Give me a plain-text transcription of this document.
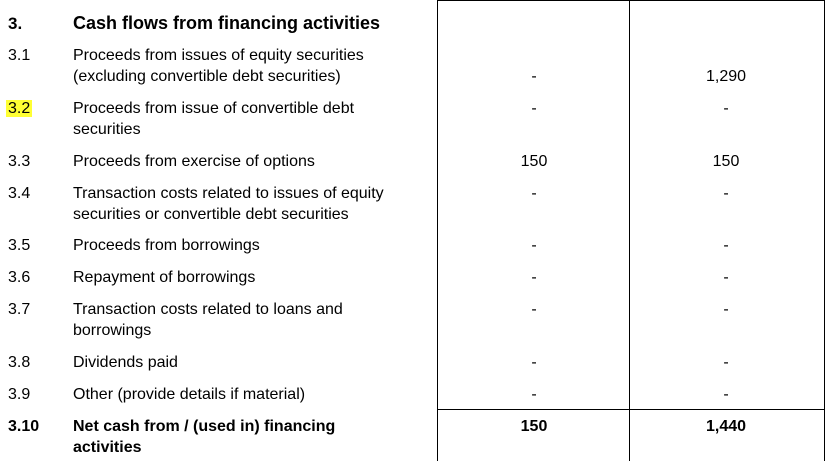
3.	Cash flows from financing activities
3.1	Proceeds from issues of equity securities
(excluding convertible debt securities)	-	1,290
3.2	Proceeds from issue of convertible debt
securities
-	-
3.3	Proceeds from exercise of options	150	150
3.4	Transaction costs related to issues of equity
securities or convertible debt securities
-	-
3.5	Proceeds from borrowings	-	-
3.6	Repayment of borrowings	-	-
3.7	Transaction costs related to loans and
borrowings
-	-
3.8	Dividends paid	-	-
3.9	Other (provide details if material)	-	-
3.10 Net cash from / (used in) financing
activities
150	1,440
